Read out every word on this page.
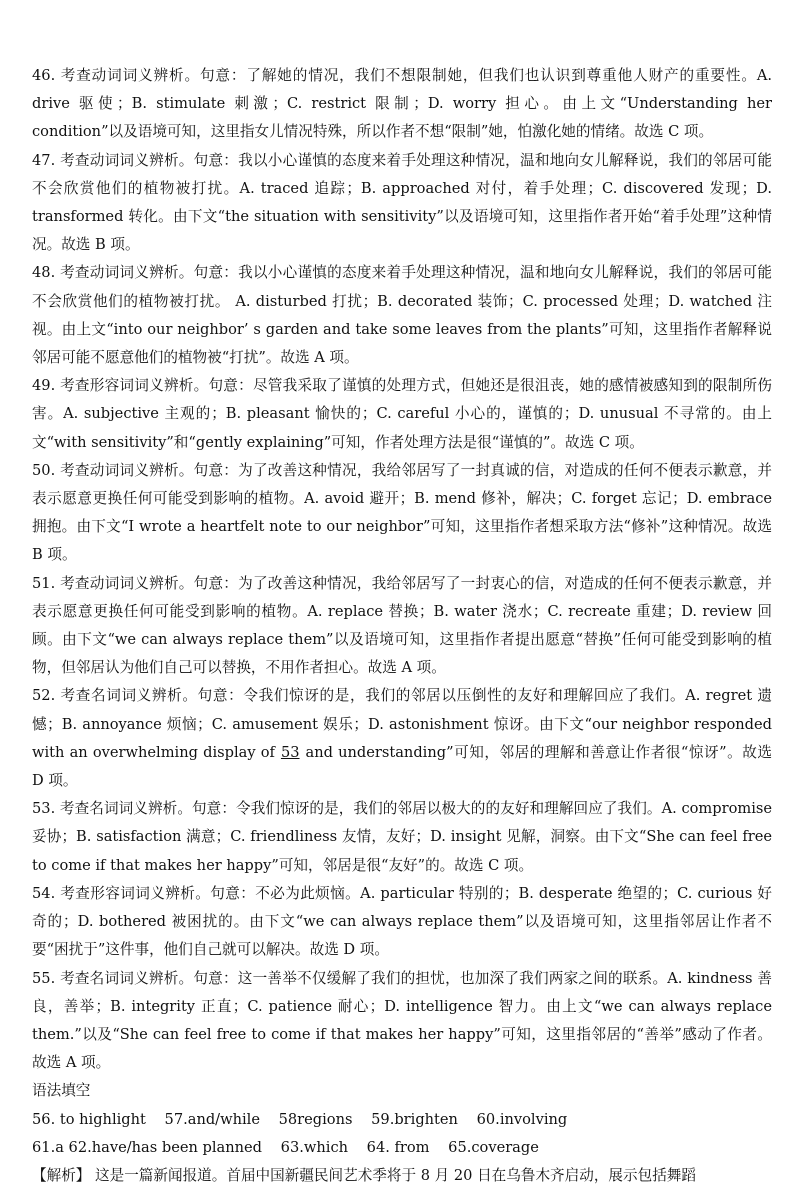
46. 考查动词词义辨析。句意：了解她的情况，我们不想限制她，但我们也认识到尊重他人财产的重要性。A. drive 驱使；B. stimulate 刺激；C. restrict 限制；D. worry 担心。由上文“Understanding her condition”以及语境可知，这里指女儿情况特殊，所以作者不想“限制”她，怕激化她的情绪。故选 C 项。

47. 考查动词词义辨析。句意：我以小心谨慎的态度来着手处理这种情况，温和地向女儿解释说，我们的邻居可能不会欣赏他们的植物被打扰。A. traced 追踪；B. approached 对付，着手处理；C. discovered 发现；D. transformed 转化。由下文“the situation with sensitivity”以及语境可知，这里指作者开始“着手处理”这种情况。故选 B 项。

48. 考查动词词义辨析。句意：我以小心谨慎的态度来着手处理这种情况，温和地向女儿解释说，我们的邻居可能不会欣赏他们的植物被打扰。 A. disturbed 打扰；B. decorated 装饰；C. processed 处理；D. watched 注视。由上文“into our neighbor’ s garden and take some leaves from the plants”可知，这里指作者解释说邻居可能不愿意他们的植物被“打扰”。故选 A 项。

49. 考查形容词词义辨析。句意：尽管我采取了谨慎的处理方式，但她还是很沮丧，她的感情被感知到的限制所伤害。A. subjective 主观的；B. pleasant 愉快的；C. careful 小心的，谨慎的；D. unusual 不寻常的。由上文“with sensitivity”和“gently explaining”可知，作者处理方法是很“谨慎的”。故选 C 项。

50. 考查动词词义辨析。句意：为了改善这种情况，我给邻居写了一封真诚的信，对造成的任何不便表示歉意，并表示愿意更换任何可能受到影响的植物。A. avoid 避开；B. mend 修补，解决；C. forget 忘记；D. embrace 拥抱。由下文“I wrote a heartfelt note to our neighbor”可知，这里指作者想采取方法“修补”这种情况。故选 B 项。

51. 考查动词词义辨析。句意：为了改善这种情况，我给邻居写了一封衷心的信，对造成的任何不便表示歉意，并表示愿意更换任何可能受到影响的植物。A. replace 替换；B. water 浇水；C. recreate 重建；D. review 回顾。由下文“we can always replace them”以及语境可知，这里指作者提出愿意“替换”任何可能受到影响的植物，但邻居认为他们自己可以替换，不用作者担心。故选 A 项。

52. 考查名词词义辨析。句意：令我们惊讶的是，我们的邻居以压倒性的友好和理解回应了我们。A. regret 遗憾；B. annoyance 烦恼；C. amusement 娱乐；D. astonishment 惊讶。由下文“our neighbor responded with an overwhelming display of 53 and understanding”可知，邻居的理解和善意让作者很“惊讶”。故选 D 项。

53. 考查名词词义辨析。句意：令我们惊讶的是，我们的邻居以极大的的友好和理解回应了我们。A. compromise 妥协；B. satisfaction 满意；C. friendliness 友情，友好；D. insight 见解，洞察。由下文“She can feel free to come if that makes her happy”可知，邻居是很“友好”的。故选 C 项。

54. 考查形容词词义辨析。句意：不必为此烦恼。A. particular 特别的；B. desperate 绝望的；C. curious 好奇的；D. bothered 被困扰的。由下文“we can always replace them”以及语境可知，这里指邻居让作者不要“困扰于”这件事，他们自己就可以解决。故选 D 项。

55. 考查名词词义辨析。句意：这一善举不仅缓解了我们的担忧，也加深了我们两家之间的联系。A. kindness 善良，善举；B. integrity 正直；C. patience 耐心；D. intelligence 智力。由上文“we can always replace them.”以及“She can feel free to come if that makes her happy”可知，这里指邻居的“善举”感动了作者。故选 A 项。

语法填空

56. to highlight 57.and/while 58regions 59.brighten 60.involving

61.a 62.have/has been planned 63.which 64. from 65.coverage

【解析】 这是一篇新闻报道。首届中国新疆民间艺术季将于 8 月 20 日在乌鲁木齐启动，展示包括舞蹈
